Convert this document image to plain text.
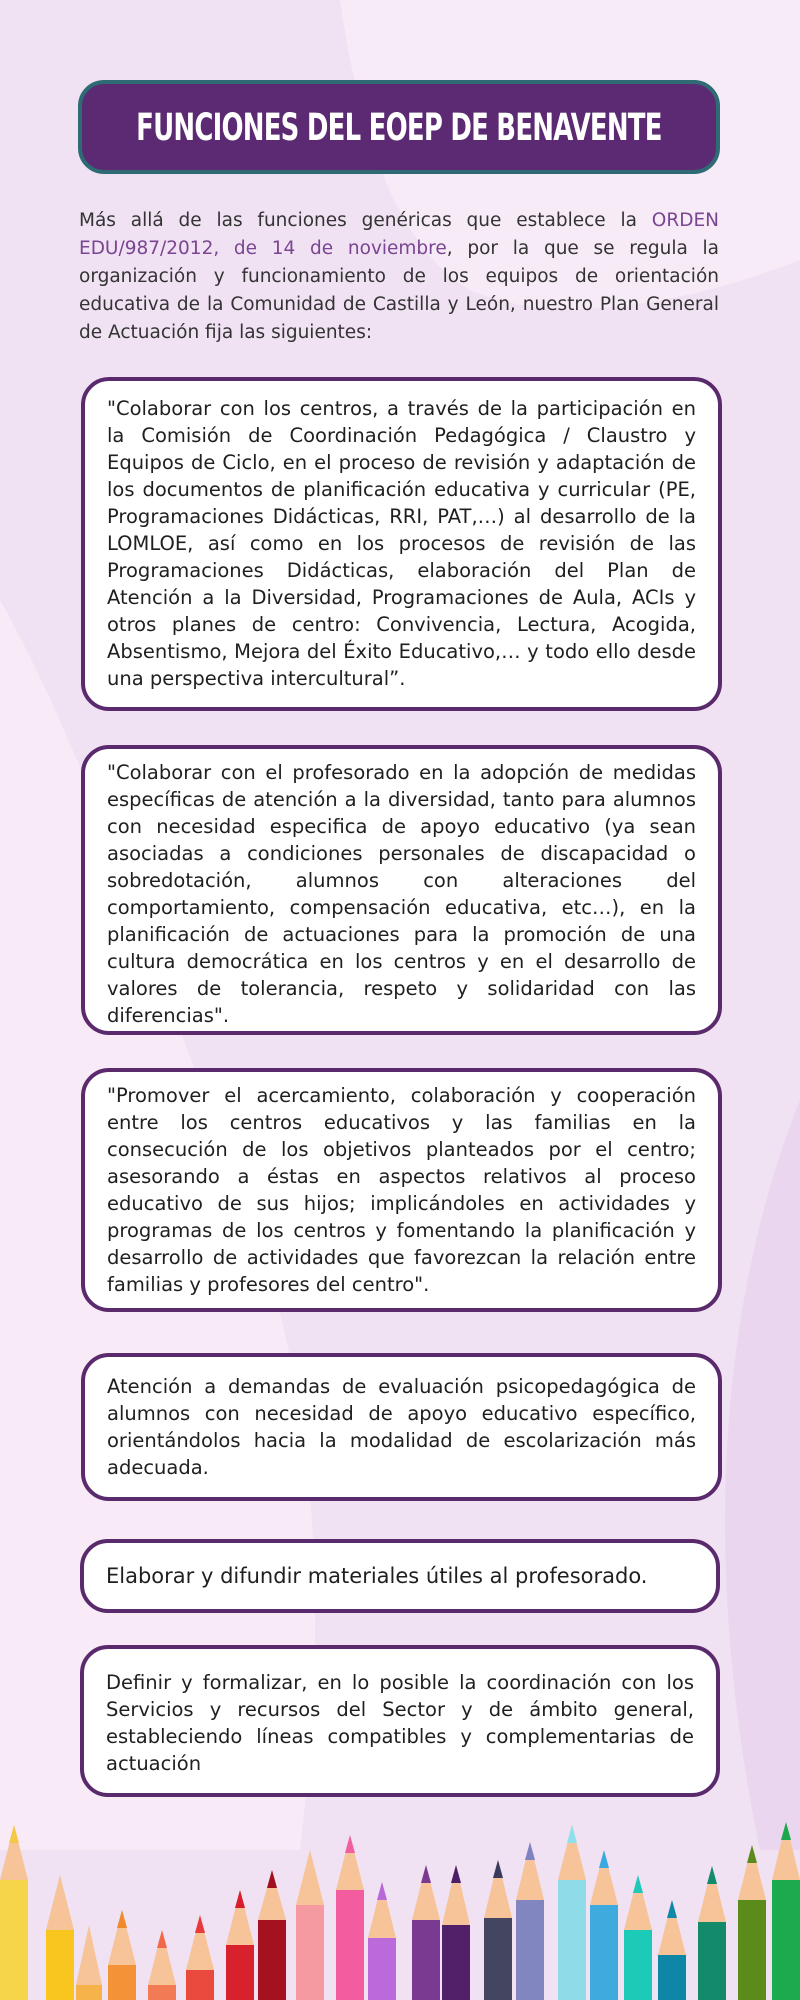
FUNCIONES DEL EOEP DE BENAVENTE

Más allá de las funciones genéricas que establece la ORDEN EDU/987/2012, de 14 de noviembre, por la que se regula la organización y funcionamiento de los equipos de orientación educativa de la Comunidad de Castilla y León, nuestro Plan General de Actuación fija las siguientes:

"Colaborar con los centros, a través de la participación en la Comisión de Coordinación Pedagógica / Claustro y Equipos de Ciclo, en el proceso de revisión y adaptación de los documentos de planificación educativa y curricular (PE, Programaciones Didácticas, RRI, PAT,…) al desarrollo de la LOMLOE, así como en los procesos de revisión de las Programaciones Didácticas, elaboración del Plan de Atención a la Diversidad, Programaciones de Aula, ACIs y otros planes de centro: Convivencia, Lectura, Acogida, Absentismo, Mejora del Éxito Educativo,… y todo ello desde una perspectiva intercultural”.

"Colaborar con el profesorado en la adopción de medidas específicas de atención a la diversidad, tanto para alumnos con necesidad especifica de apoyo educativo (ya sean asociadas a condiciones personales de discapacidad o sobredotación, alumnos con alteraciones del comportamiento, compensación educativa, etc…), en la planificación de actuaciones para la promoción de una cultura democrática en los centros y en el desarrollo de valores de tolerancia, respeto y solidaridad con las diferencias".

"Promover el acercamiento, colaboración y cooperación entre los centros educativos y las familias en la consecución de los objetivos planteados por el centro; asesorando a éstas en aspectos relativos al proceso educativo de sus hijos; implicándoles en actividades y programas de los centros y fomentando la planificación y desarrollo de actividades que favorezcan la relación entre familias y profesores del centro".

Atención a demandas de evaluación psicopedagógica de alumnos con necesidad de apoyo educativo específico, orientándolos hacia la modalidad de escolarización más adecuada.

Elaborar y difundir materiales útiles al profesorado.

Definir y formalizar, en lo posible la coordinación con los Servicios y recursos del Sector y de ámbito general, estableciendo líneas compatibles y complementarias de actuación
